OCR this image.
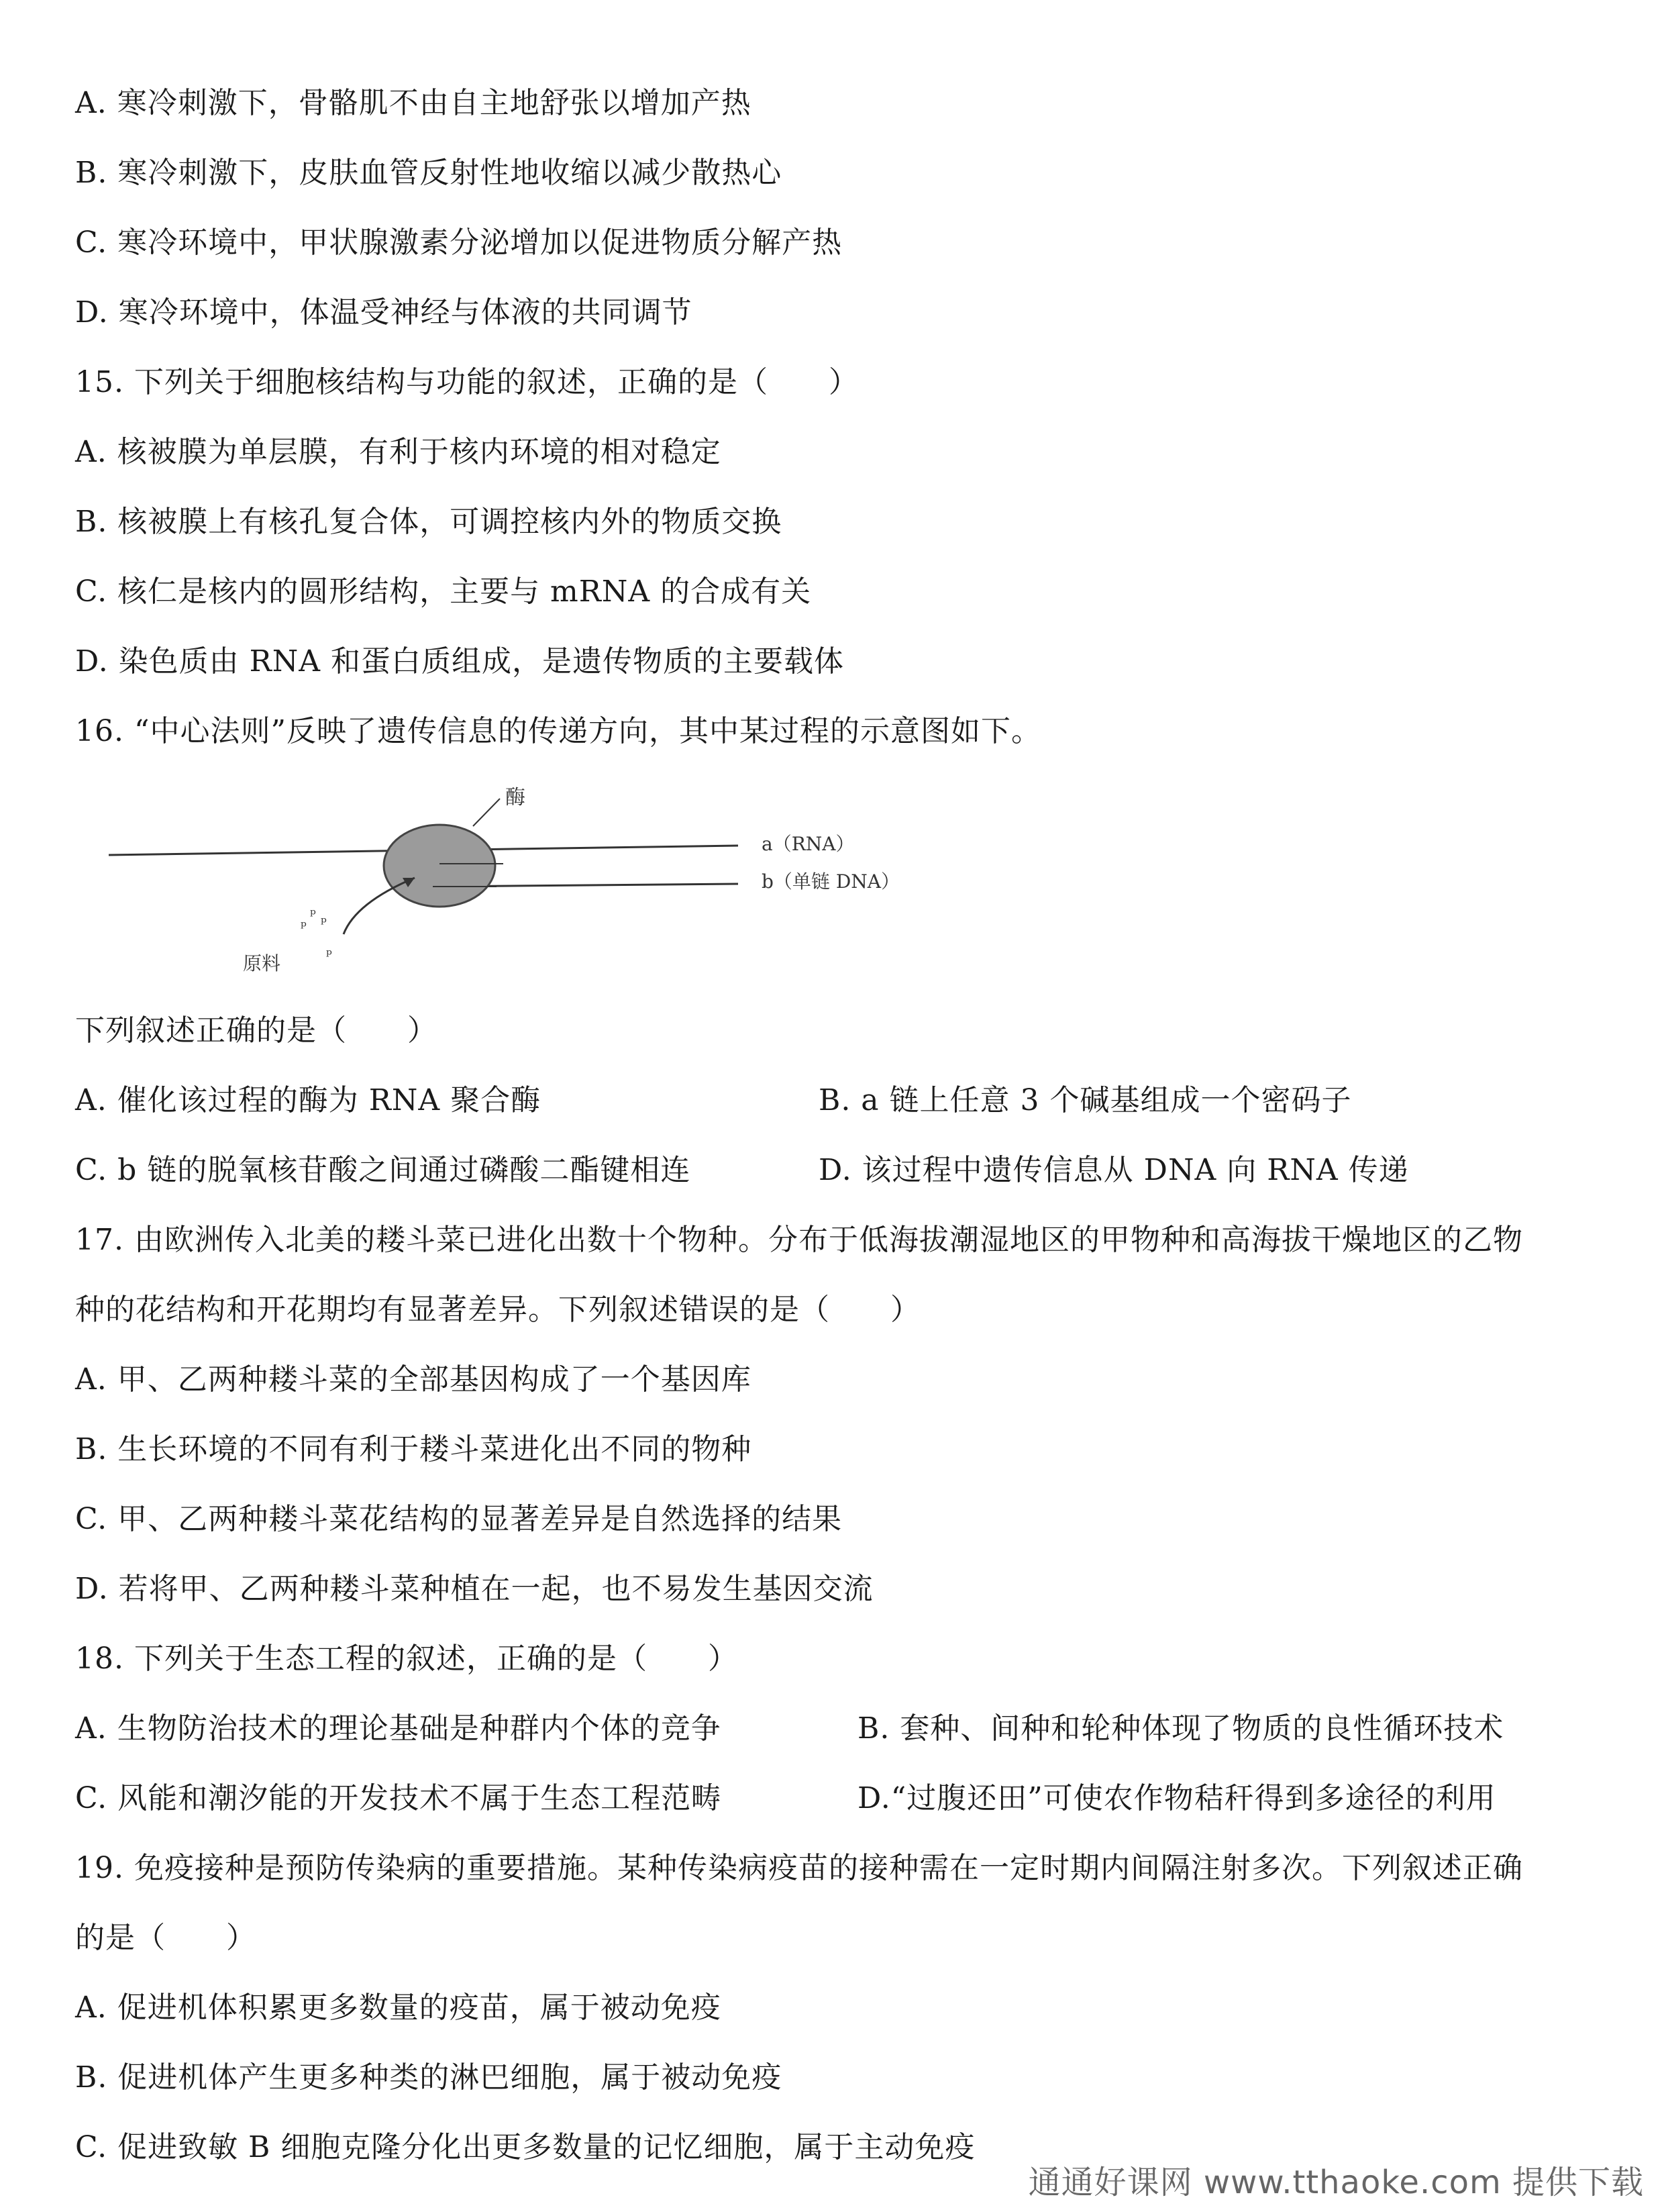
A. 寒冷刺激下，骨骼肌不由自主地舒张以增加产热
B. 寒冷刺激下，皮肤血管反射性地收缩以减少散热心
C. 寒冷环境中，甲状腺激素分泌增加以促进物质分解产热
D. 寒冷环境中，体温受神经与体液的共同调节
15. 下列关于细胞核结构与功能的叙述，正确的是（　　）
A. 核被膜为单层膜，有利于核内环境的相对稳定
B. 核被膜上有核孔复合体，可调控核内外的物质交换
C. 核仁是核内的圆形结构，主要与 mRNA 的合成有关
D. 染色质由 RNA 和蛋白质组成，是遗传物质的主要载体
16. “中心法则”反映了遗传信息的传递方向，其中某过程的示意图如下。
ᵖ
ᵖ ᵖ
ᵖ
酶
a（RNA）
b（单链 DNA）
原料
下列叙述正确的是（　　）
A. 催化该过程的酶为 RNA 聚合酶	B. a 链上任意 3 个碱基组成一个密码子
C. b 链的脱氧核苷酸之间通过磷酸二酯键相连	D. 该过程中遗传信息从 DNA 向 RNA 传递
17. 由欧洲传入北美的耧斗菜已进化出数十个物种。分布于低海拔潮湿地区的甲物种和高海拔干燥地区的乙物
种的花结构和开花期均有显著差异。下列叙述错误的是（　　）
A. 甲、乙两种耧斗菜的全部基因构成了一个基因库
B. 生长环境的不同有利于耧斗菜进化出不同的物种
C. 甲、乙两种耧斗菜花结构的显著差异是自然选择的结果
D. 若将甲、乙两种耧斗菜种植在一起，也不易发生基因交流
18. 下列关于生态工程的叙述，正确的是（　　）
A. 生物防治技术的理论基础是种群内个体的竞争	B. 套种、间种和轮种体现了物质的良性循环技术
C. 风能和潮汐能的开发技术不属于生态工程范畴	D.“过腹还田”可使农作物秸秆得到多途径的利用
19. 免疫接种是预防传染病的重要措施。某种传染病疫苗的接种需在一定时期内间隔注射多次。下列叙述正确
的是（　　）
A. 促进机体积累更多数量的疫苗，属于被动免疫
B. 促进机体产生更多种类的淋巴细胞，属于被动免疫
C. 促进致敏 B 细胞克隆分化出更多数量的记忆细胞，属于主动免疫
通通好课网 www.tthaoke.com 提供下载
